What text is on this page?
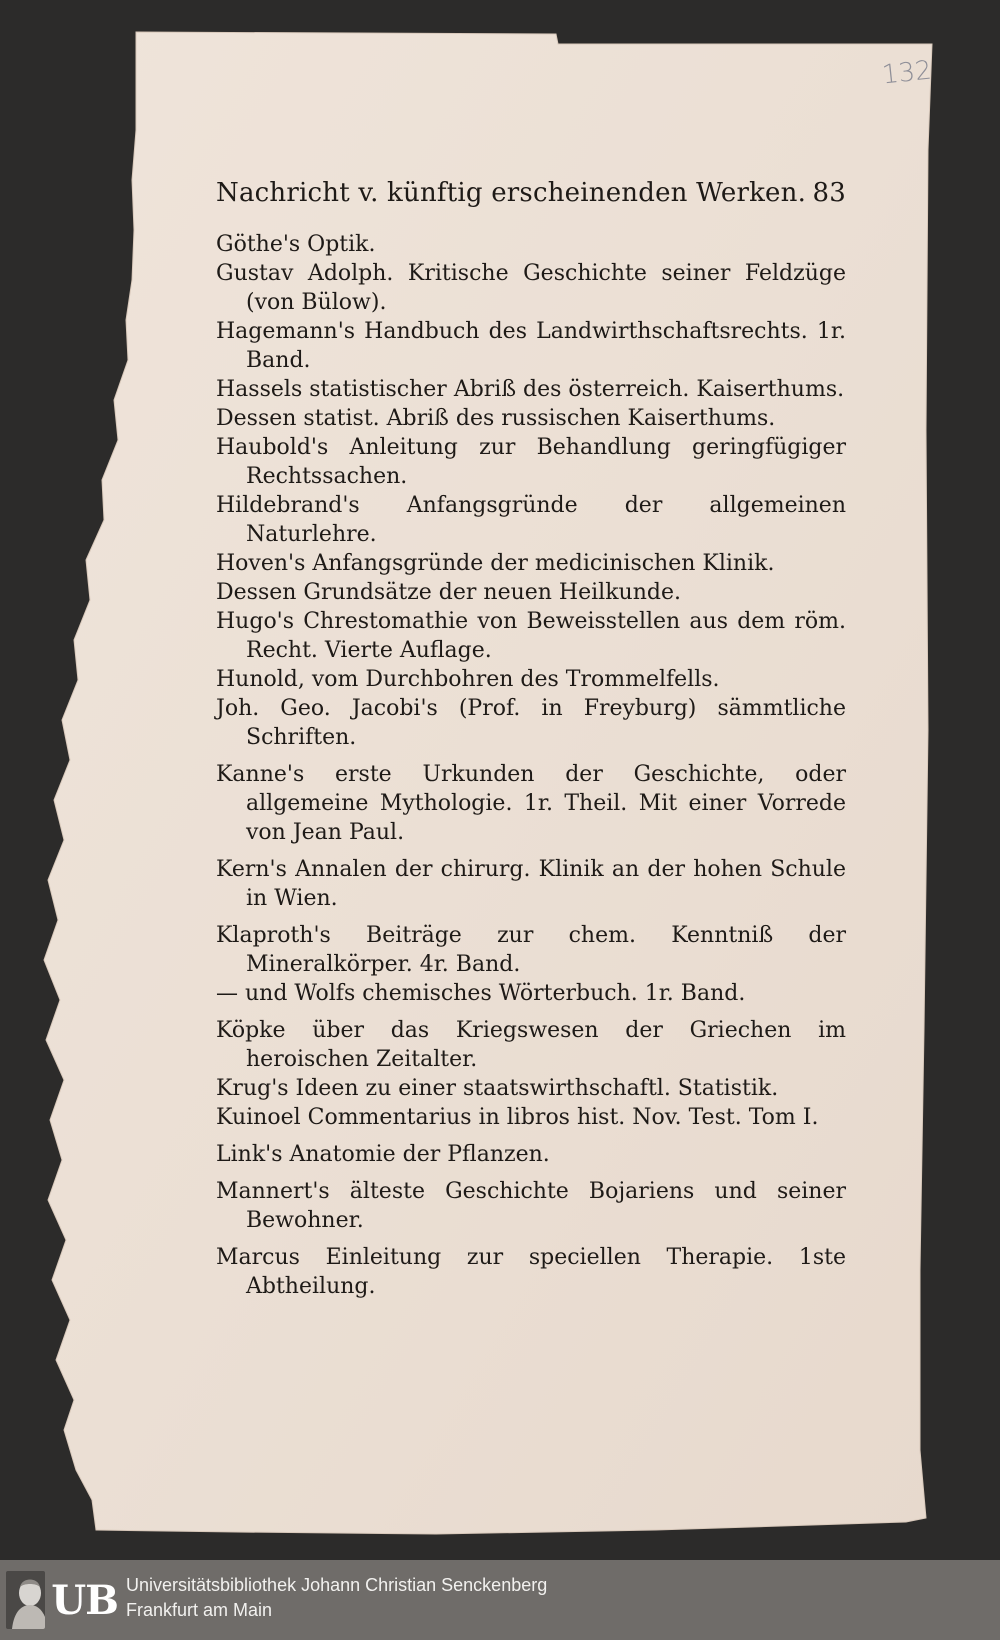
132
Nachricht v. künftig erscheinenden Werken. 83
Göthe's Optik.
Gustav Adolph. Kritische Geschichte seiner Feldzüge (von Bülow).
Hagemann's Handbuch des Landwirthschaftsrechts. 1r. Band.
Hassels statistischer Abriß des österreich. Kaiserthums.
Dessen statist. Abriß des russischen Kaiserthums.
Haubold's Anleitung zur Behandlung geringfügiger Rechtssachen.
Hildebrand's Anfangsgründe der allgemeinen Naturlehre.
Hoven's Anfangsgründe der medicinischen Klinik.
Dessen Grundsätze der neuen Heilkunde.
Hugo's Chrestomathie von Beweisstellen aus dem röm. Recht. Vierte Auflage.
Hunold, vom Durchbohren des Trommelfells.
Joh. Geo. Jacobi's (Prof. in Freyburg) sämmtliche Schriften.
Kanne's erste Urkunden der Geschichte, oder allgemeine Mythologie. 1r. Theil. Mit einer Vorrede von Jean Paul.
Kern's Annalen der chirurg. Klinik an der hohen Schule in Wien.
Klaproth's Beiträge zur chem. Kenntniß der Mineralkörper. 4r. Band.
— und Wolfs chemisches Wörterbuch. 1r. Band.
Köpke über das Kriegswesen der Griechen im heroischen Zeitalter.
Krug's Ideen zu einer staatswirthschaftl. Statistik.
Kuinoel Commentarius in libros hist. Nov. Test. Tom I.
Link's Anatomie der Pflanzen.
Mannert's älteste Geschichte Bojariens und seiner Bewohner.
Marcus Einleitung zur speciellen Therapie. 1ste Abtheilung.
UB Universitätsbibliothek Johann Christian Senckenberg
Frankfurt am Main
